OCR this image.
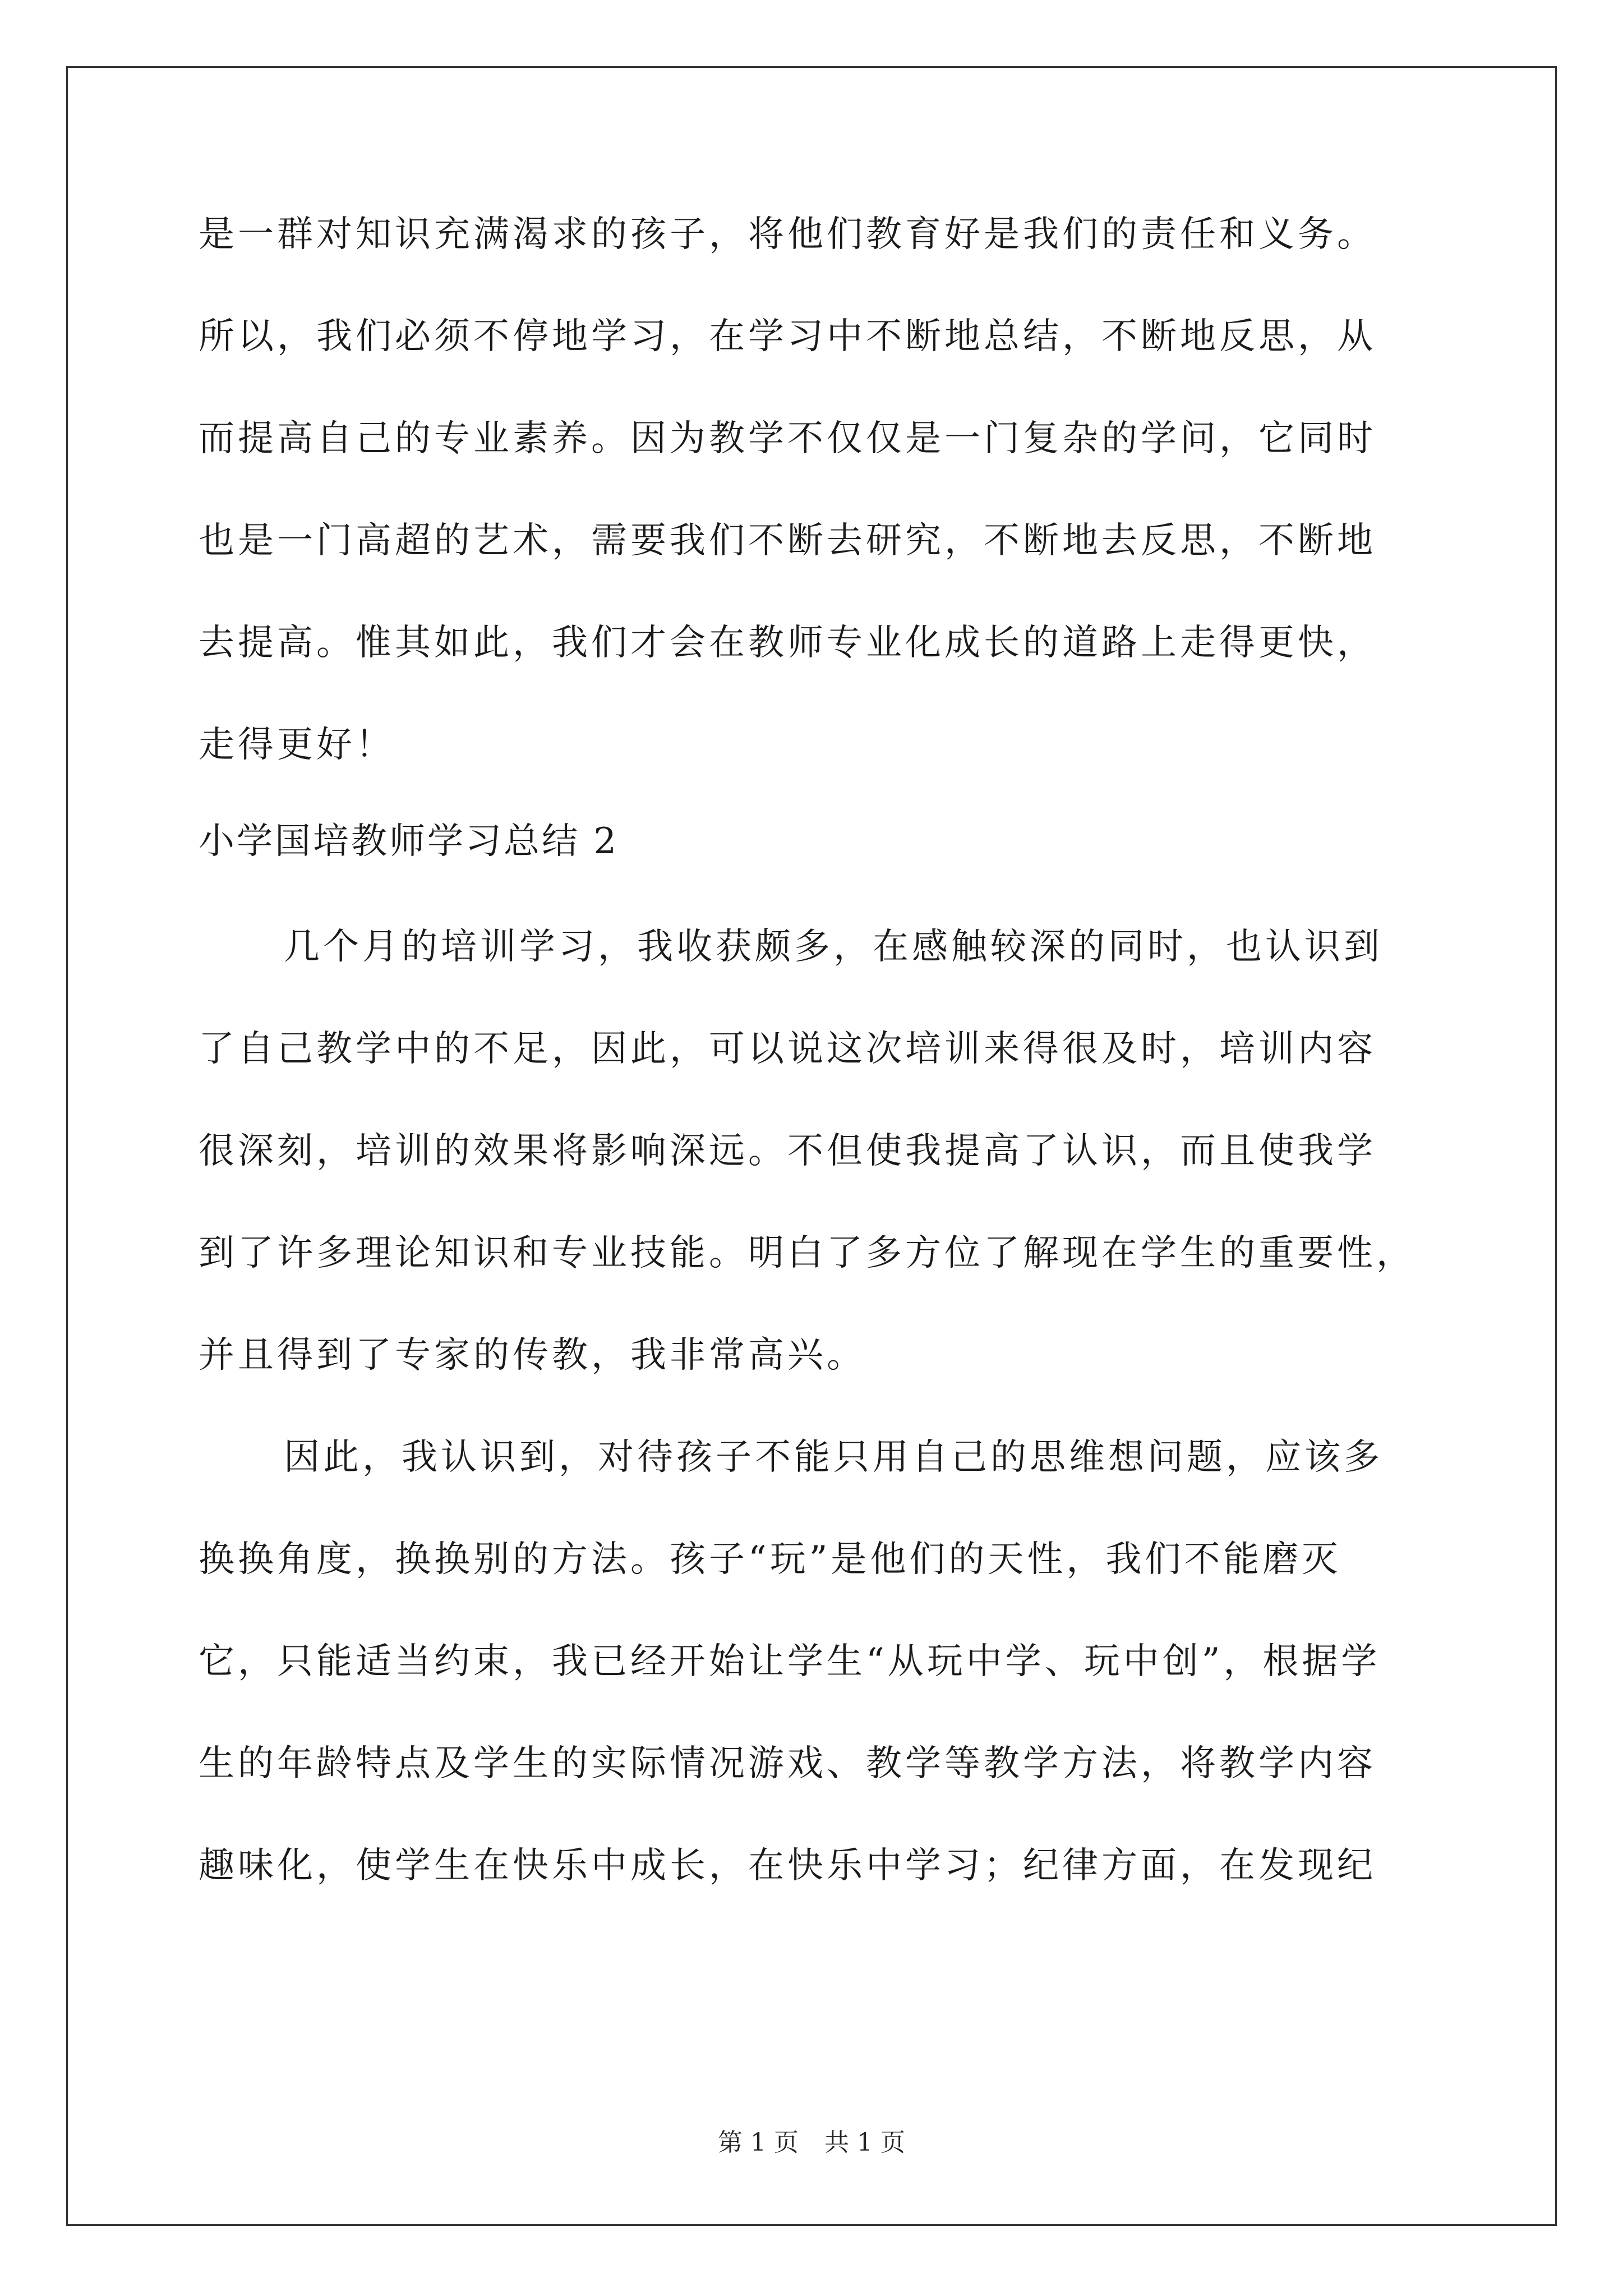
是一群对知识充满渴求的孩子，将他们教育好是我们的责任和义务。
所以，我们必须不停地学习，在学习中不断地总结，不断地反思，从
而提高自己的专业素养。因为教学不仅仅是一门复杂的学问，它同时
也是一门高超的艺术，需要我们不断去研究，不断地去反思，不断地
去提高。惟其如此，我们才会在教师专业化成长的道路上走得更快，
走得更好！
小学国培教师学习总结 2
几个月的培训学习，我收获颇多，在感触较深的同时，也认识到
了自己教学中的不足，因此，可以说这次培训来得很及时，培训内容
很深刻，培训的效果将影响深远。不但使我提高了认识，而且使我学
到了许多理论知识和专业技能。明白了多方位了解现在学生的重要性，
并且得到了专家的传教，我非常高兴。
因此，我认识到，对待孩子不能只用自己的思维想问题，应该多
换换角度，换换别的方法。孩子“玩”是他们的天性，我们不能磨灭
它，只能适当约束，我已经开始让学生“从玩中学、玩中创”，根据学
生的年龄特点及学生的实际情况游戏、教学等教学方法，将教学内容
趣味化，使学生在快乐中成长，在快乐中学习；纪律方面，在发现纪
第 1 页 共 1 页
